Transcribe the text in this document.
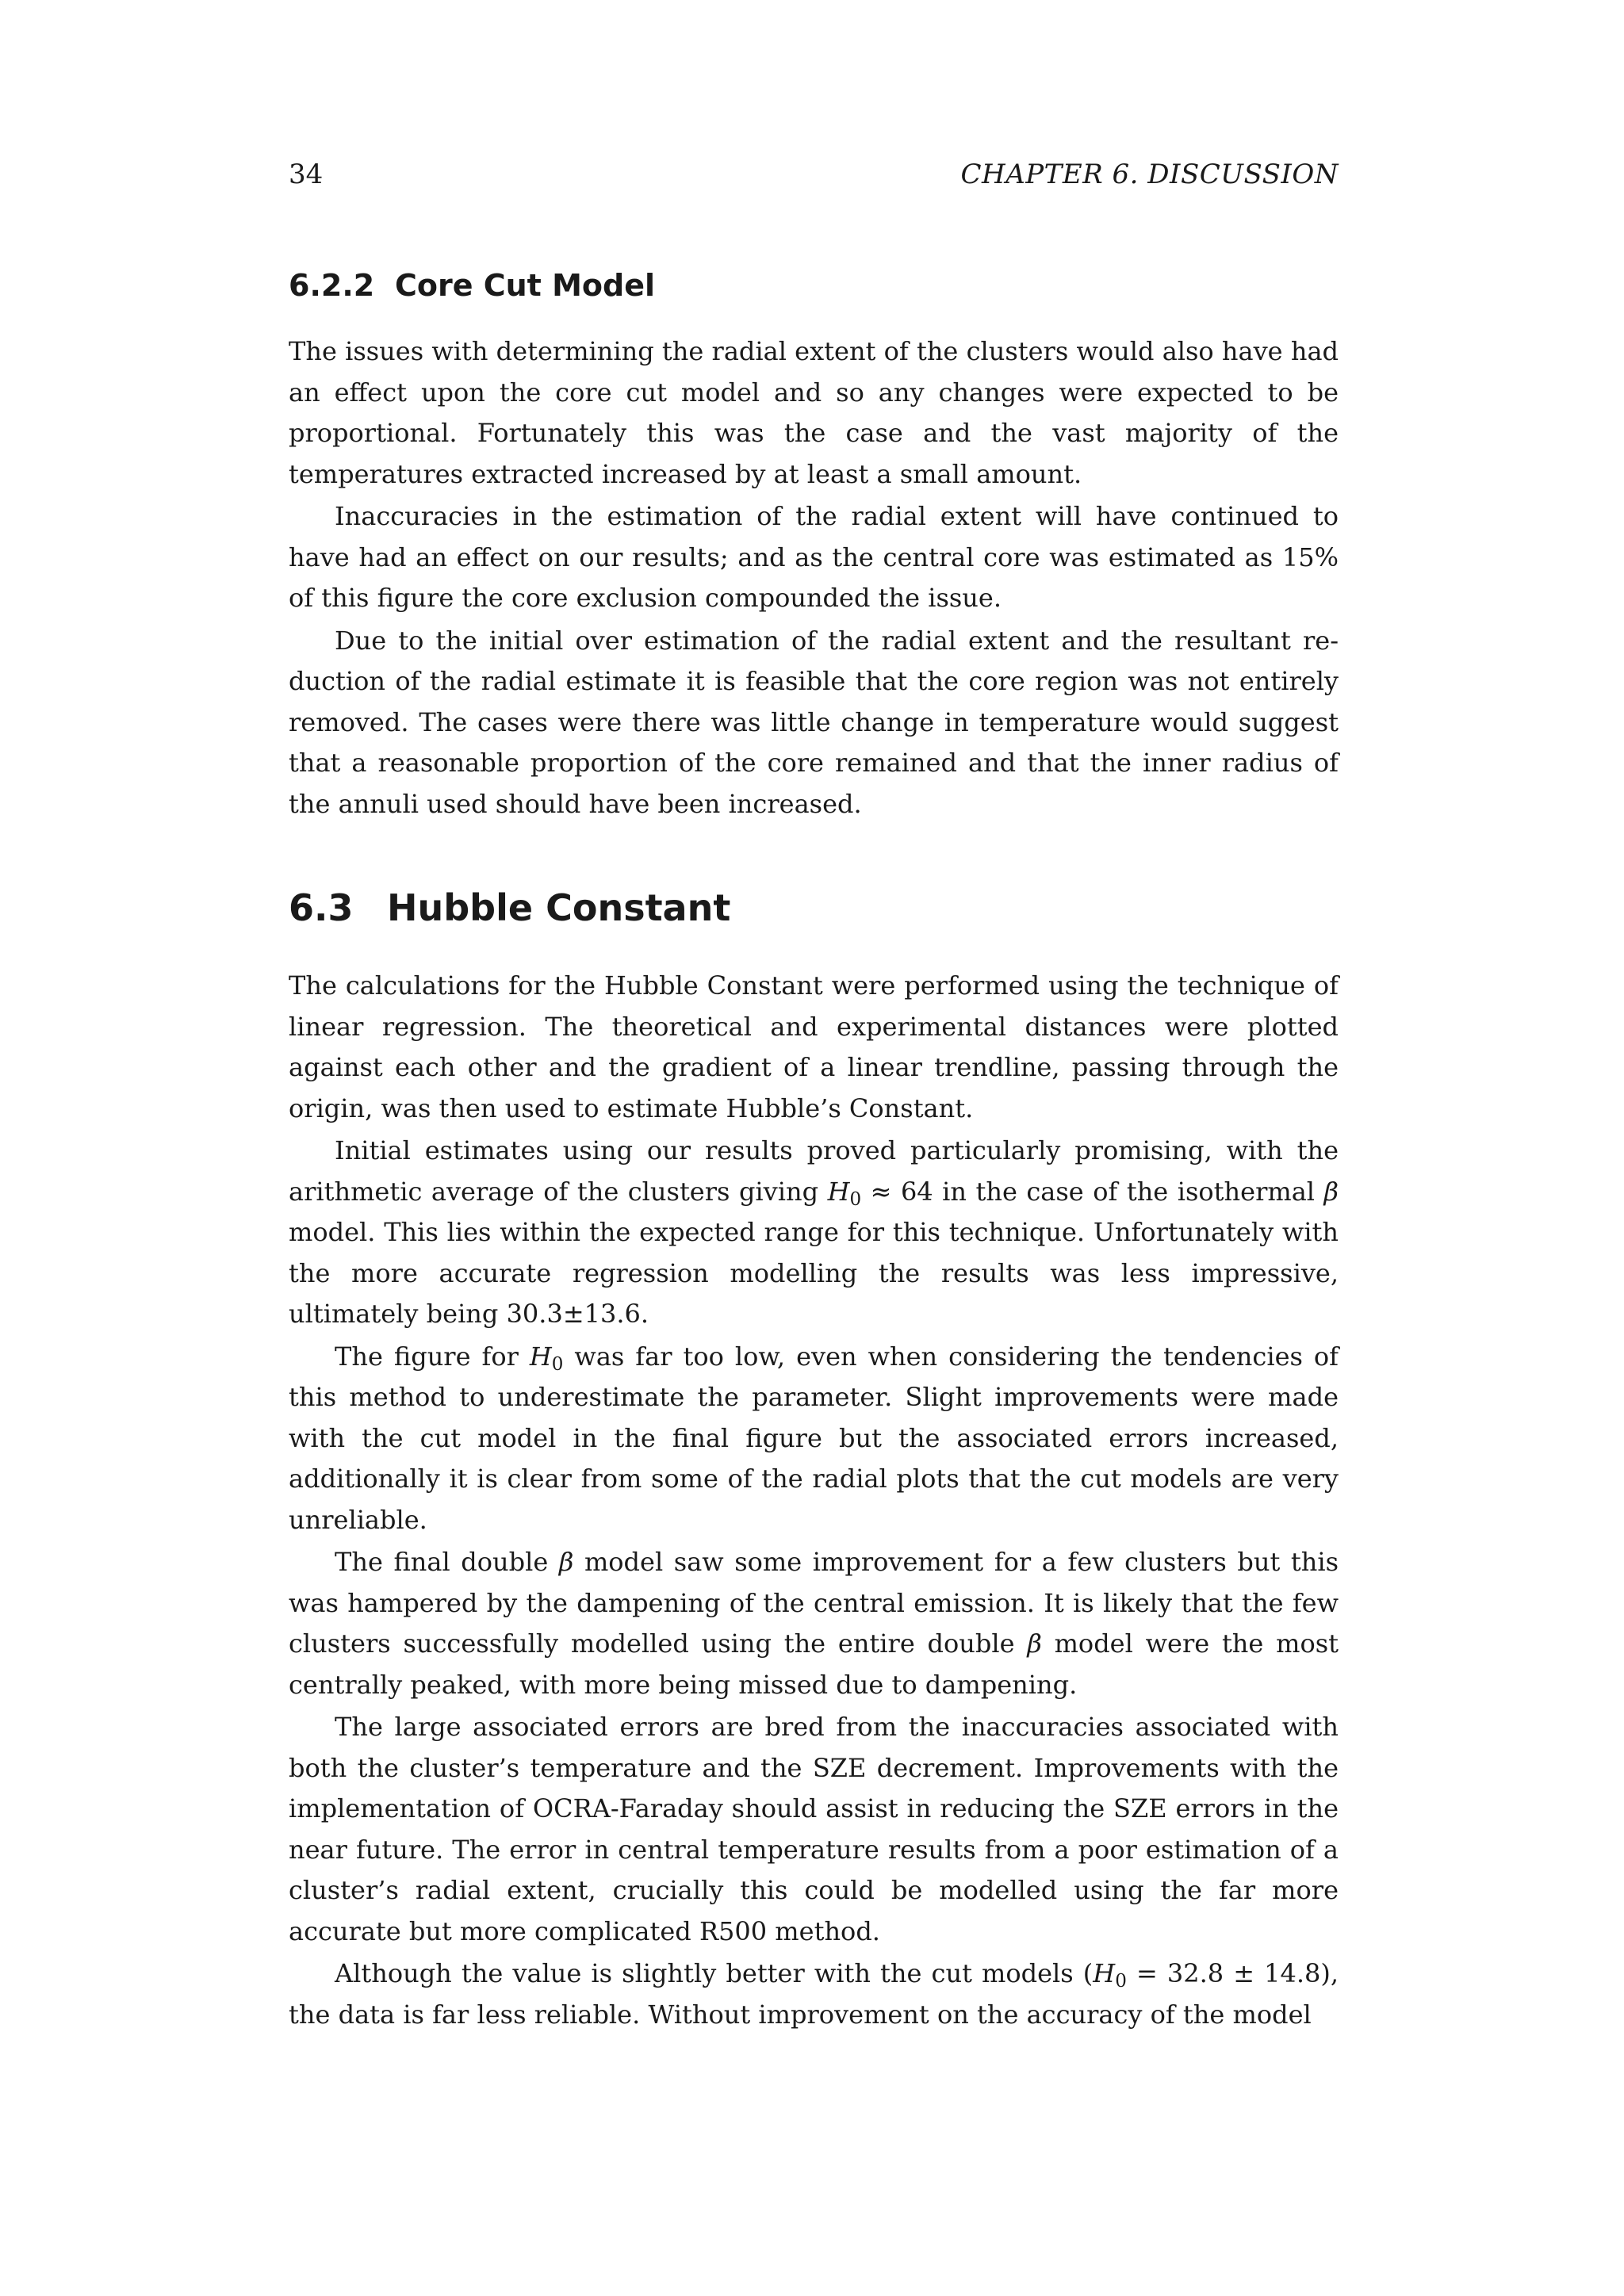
34	CHAPTER 6. DISCUSSION
6.2.2 Core Cut Model

The issues with determining the radial extent of the clusters would also have had an effect upon the core cut model and so any changes were expected to be proportional. Fortunately this was the case and the vast majority of the temperatures extracted increased by at least a small amount.

Inaccuracies in the estimation of the radial extent will have continued to have had an effect on our results; and as the central core was estimated as 15% of this figure the core exclusion compounded the issue.

Due to the initial over estimation of the radial extent and the resultant reduction of the radial estimate it is feasible that the core region was not entirely removed. The cases were there was little change in temperature would suggest that a reasonable proportion of the core remained and that the inner radius of the annuli used should have been increased.

6.3 Hubble Constant

The calculations for the Hubble Constant were performed using the technique of linear regression. The theoretical and experimental distances were plotted against each other and the gradient of a linear trendline, passing through the origin, was then used to estimate Hubble’s Constant.

Initial estimates using our results proved particularly promising, with the arithmetic average of the clusters giving $H_0 \approx 64$ in the case of the isothermal β model. This lies within the expected range for this technique. Unfortunately with the more accurate regression modelling the results was less impressive, ultimately being 30.3±13.6.

The figure for $H_0$ was far too low, even when considering the tendencies of this method to underestimate the parameter. Slight improvements were made with the cut model in the final figure but the associated errors increased, additionally it is clear from some of the radial plots that the cut models are very unreliable.

The final double β model saw some improvement for a few clusters but this was hampered by the dampening of the central emission. It is likely that the few clusters successfully modelled using the entire double β model were the most centrally peaked, with more being missed due to dampening.

The large associated errors are bred from the inaccuracies associated with both the cluster’s temperature and the SZE decrement. Improvements with the implementation of OCRA-Faraday should assist in reducing the SZE errors in the near future. The error in central temperature results from a poor estimation of a cluster’s radial extent, crucially this could be modelled using the far more accurate but more complicated R500 method.

Although the value is slightly better with the cut models $(H_0 = 32.8 \pm 14.8)$, the data is far less reliable. Without improvement on the accuracy of the model
